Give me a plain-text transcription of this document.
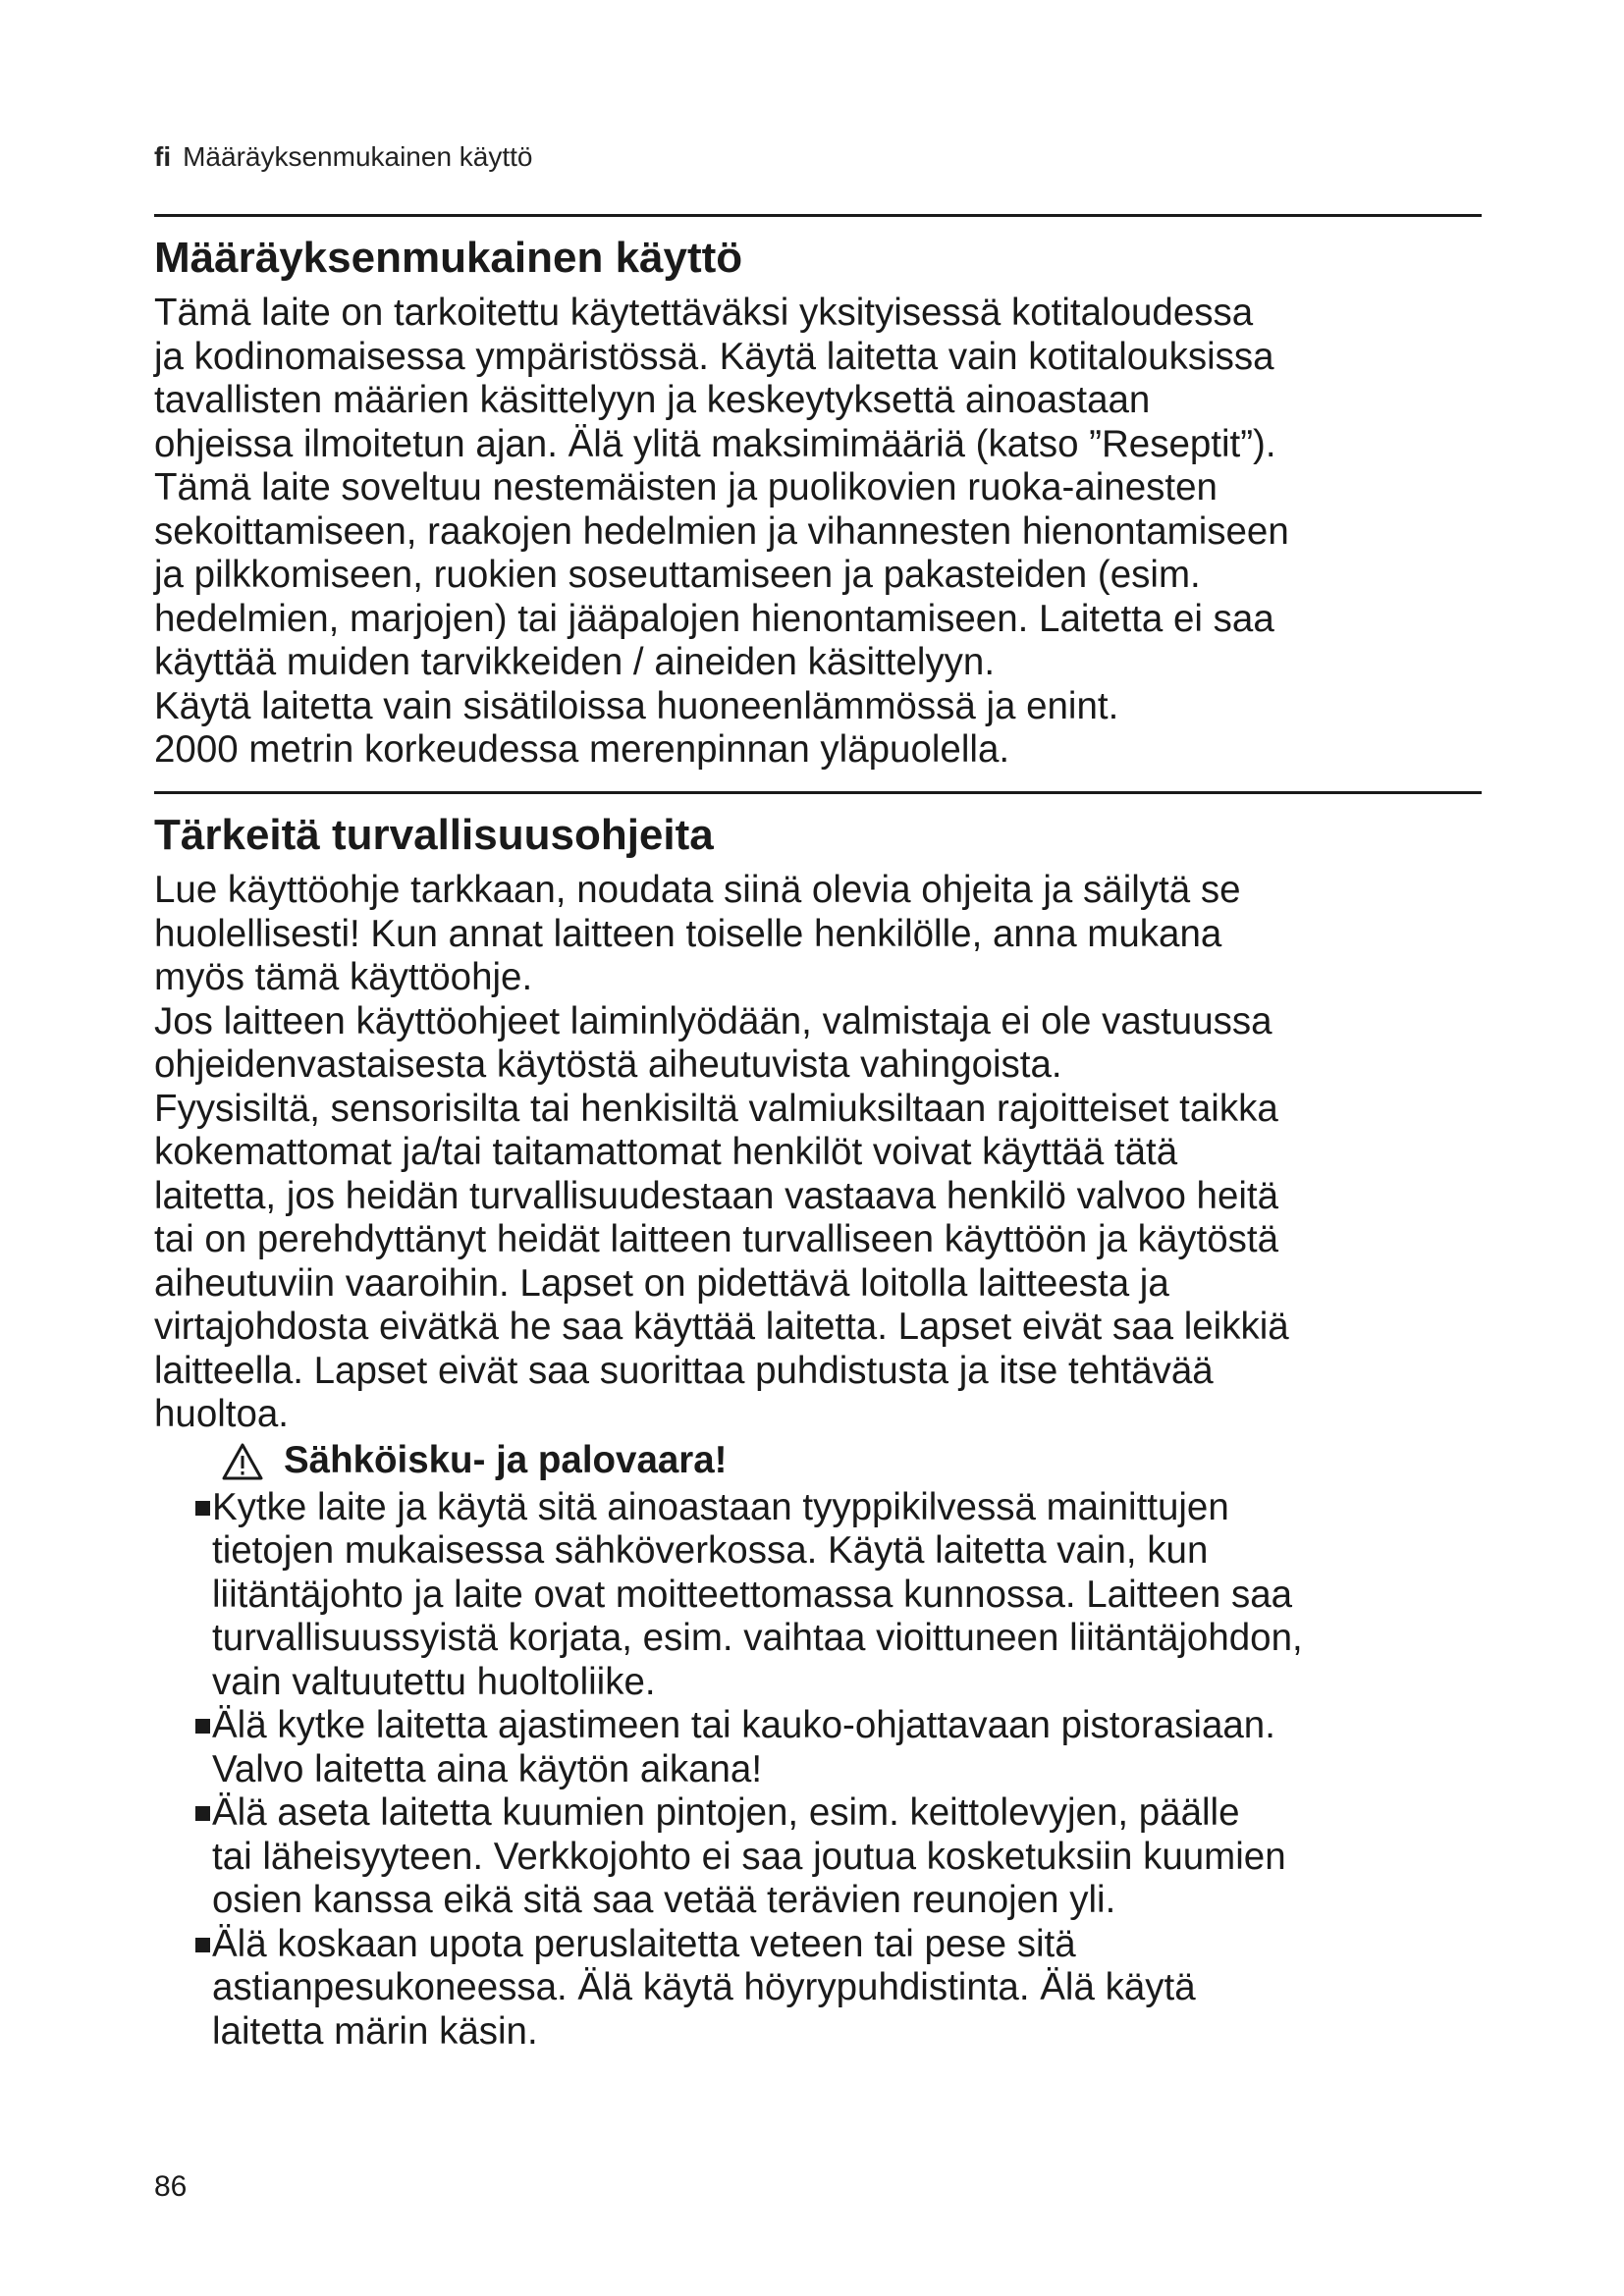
fi Määräyksenmukainen käyttö
Määräyksenmukainen käyttö

Tämä laite on tarkoitettu käytettäväksi yksityisessä kotitaloudessa
ja kodinomaisessa ympäristössä. Käytä laitetta vain kotitalouksissa
tavallisten määrien käsittelyyn ja keskeytyksettä ainoastaan
ohjeissa ilmoitetun ajan. Älä ylitä maksimimääriä (katso ”Reseptit”).

Tämä laite soveltuu nestemäisten ja puolikovien ruoka-ainesten
sekoittamiseen, raakojen hedelmien ja vihannesten hienontamiseen
ja pilkkomiseen, ruokien soseuttamiseen ja pakasteiden (esim.
hedelmien, marjojen) tai jääpalojen hienontamiseen. Laitetta ei saa
käyttää muiden tarvikkeiden / aineiden käsittelyyn.

Käytä laitetta vain sisätiloissa huoneenlämmössä ja enint.
2000 metrin korkeudessa merenpinnan yläpuolella.

Tärkeitä turvallisuusohjeita

Lue käyttöohje tarkkaan, noudata siinä olevia ohjeita ja säilytä se
huolellisesti! Kun annat laitteen toiselle henkilölle, anna mukana
myös tämä käyttöohje.

Jos laitteen käyttöohjeet laiminlyödään, valmistaja ei ole vastuussa
ohjeidenvastaisesta käytöstä aiheutuvista vahingoista.

Fyysisiltä, sensorisilta tai henkisiltä valmiuksiltaan rajoitteiset taikka
kokemattomat ja/tai taitamattomat henkilöt voivat käyttää tätä
laitetta, jos heidän turvallisuudestaan vastaava henkilö valvoo heitä
tai on perehdyttänyt heidät laitteen turvalliseen käyttöön ja käytöstä
aiheutuviin vaaroihin. Lapset on pidettävä loitolla laitteesta ja
virtajohdosta eivätkä he saa käyttää laitetta. Lapset eivät saa leikkiä
laitteella. Lapset eivät saa suorittaa puhdistusta ja itse tehtävää
huoltoa.

Sähköisku- ja palovaara!
Kytke laite ja käytä sitä ainoastaan tyyppikilvessä mainittujen
tietojen mukaisessa sähköverkossa. Käytä laitetta vain, kun
liitäntäjohto ja laite ovat moitteettomassa kunnossa. Laitteen saa
turvallisuussyistä korjata, esim. vaihtaa vioittuneen liitäntäjohdon,
vain valtuutettu huoltoliike.
Älä kytke laitetta ajastimeen tai kauko-ohjattavaan pistorasiaan.
Valvo laitetta aina käytön aikana!
Älä aseta laitetta kuumien pintojen, esim. keittolevyjen, päälle
tai läheisyyteen. Verkkojohto ei saa joutua kosketuksiin kuumien
osien kanssa eikä sitä saa vetää terävien reunojen yli.
Älä koskaan upota peruslaitetta veteen tai pese sitä
astianpesukoneessa. Älä käytä höyrypuhdistinta. Älä käytä
laitetta märin käsin.
86
